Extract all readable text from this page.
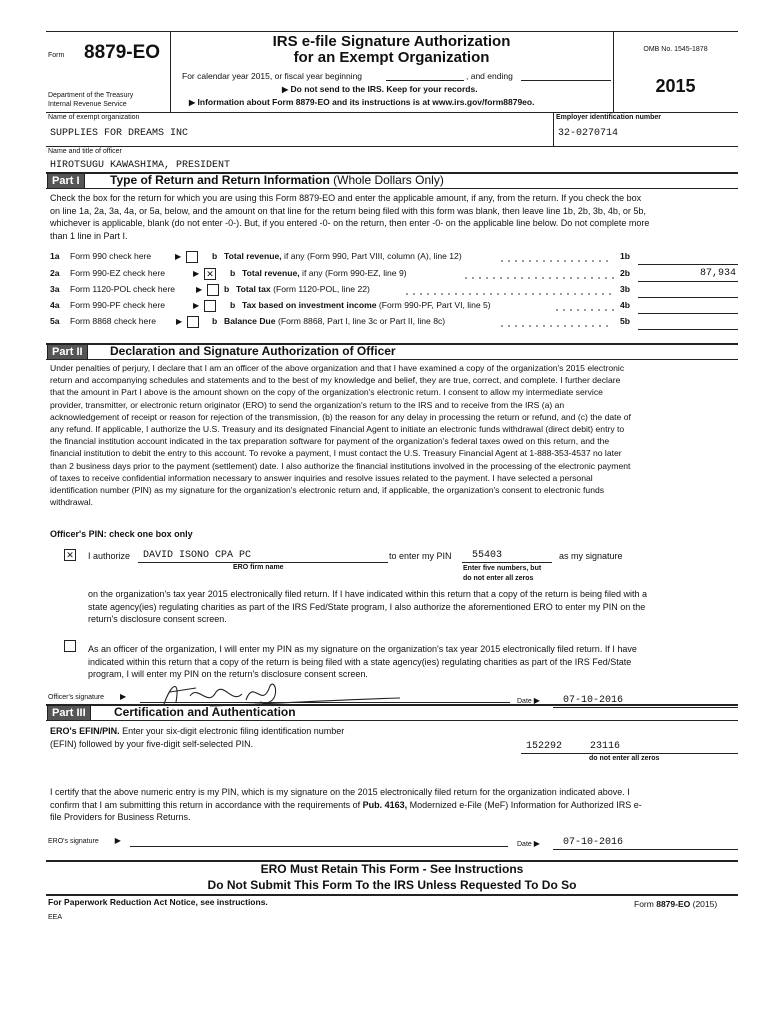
Form 8879-EO
Department of the Treasury
Internal Revenue Service
IRS e-file Signature Authorization
for an Exempt Organization
For calendar year 2015, or fiscal year beginning	, and ending
▶ Do not send to the IRS. Keep for your records.
▶ Information about Form 8879-EO and its instructions is at www.irs.gov/form8879eo.
OMB No. 1545-1878
2015
Name of exempt organization	Employer identification number
SUPPLIES FOR DREAMS INC	32-0270714
Name and title of officer
HIROTSUGU KAWASHIMA, PRESIDENT
Part I	Type of Return and Return Information (Whole Dollars Only)
Check the box for the return for which you are using this Form 8879-EO and enter the applicable amount, if any, from the return. If you check the box on line 1a, 2a, 3a, 4a, or 5a, below, and the amount on that line for the return being filed with this form was blank, then leave line 1b, 2b, 3b, 4b, or 5b, whichever is applicable, blank (do not enter -0-). But, if you entered -0- on the return, then enter -0- on the applicable line below. Do not complete more than 1 line in Part I.
1a Form 990 check here	▶	b Total revenue, if any (Form 990, Part VIII, column (A), line 12)	1b
2a Form 990-EZ check here	▶ ✕ b Total revenue, if any (Form 990-EZ, line 9)	2b	87,934
3a Form 1120-POL check here	▶	b Total tax (Form 1120-POL, line 22)	3b
4a Form 990-PF check here	▶	b Tax based on investment income (Form 990-PF, Part VI, line 5)	4b
5a Form 8868 check here	▶	b Balance Due (Form 8868, Part I, line 3c or Part II, line 8c)	5b
Part II	Declaration and Signature Authorization of Officer
Under penalties of perjury, I declare that I am an officer of the above organization and that I have examined a copy of the organization's 2015 electronic return and accompanying schedules and statements and to the best of my knowledge and belief, they are true, correct, and complete. I further declare that the amount in Part I above is the amount shown on the copy of the organization's electronic return. I consent to allow my intermediate service provider, transmitter, or electronic return originator (ERO) to send the organization's return to the IRS and to receive from the IRS (a) an acknowledgement of receipt or reason for rejection of the transmission, (b) the reason for any delay in processing the return or refund, and (c) the date of any refund. If applicable, I authorize the U.S. Treasury and its designated Financial Agent to initiate an electronic funds withdrawal (direct debit) entry to the financial institution account indicated in the tax preparation software for payment of the organization's federal taxes owed on this return, and the financial institution to debit the entry to this account. To revoke a payment, I must contact the U.S. Treasury Financial Agent at 1-888-353-4537 no later than 2 business days prior to the payment (settlement) date. I also authorize the financial institutions involved in the processing of the electronic payment of taxes to receive confidential information necessary to answer inquiries and resolve issues related to the payment. I have selected a personal identification number (PIN) as my signature for the organization's electronic return and, if applicable, the organization's consent to electronic funds withdrawal.
Officer's PIN: check one box only
✕ I authorize DAVID ISONO CPA PC
ERO firm name
to enter my PIN 55403	as my signature
Enter five numbers, but
do not enter all zeros
on the organization's tax year 2015 electronically filed return. If I have indicated within this return that a copy of the return is being filed with a state agency(ies) regulating charities as part of the IRS Fed/State program, I also authorize the aforementioned ERO to enter my PIN on the return's disclosure consent screen.
As an officer of the organization, I will enter my PIN as my signature on the organization's tax year 2015 electronically filed return. If I have indicated within this return that a copy of the return is being filed with a state agency(ies) regulating charities as part of the IRS Fed/State program, I will enter my PIN on the return's disclosure consent screen.
Officer's signature ▶
Date ▶ 07-10-2016
Part III	Certification and Authentication
ERO's EFIN/PIN. Enter your six-digit electronic filing identification number (EFIN) followed by your five-digit self-selected PIN.	152292	23116
do not enter all zeros
I certify that the above numeric entry is my PIN, which is my signature on the 2015 electronically filed return for the organization indicated above. I confirm that I am submitting this return in accordance with the requirements of Pub. 4163, Modernized e-File (MeF) Information for Authorized IRS e-file Providers for Business Returns.
ERO's signature ▶	Date ▶ 07-10-2016
ERO Must Retain This Form - See Instructions
Do Not Submit This Form To the IRS Unless Requested To Do So
For Paperwork Reduction Act Notice, see instructions.	Form 8879-EO (2015)
EEA
